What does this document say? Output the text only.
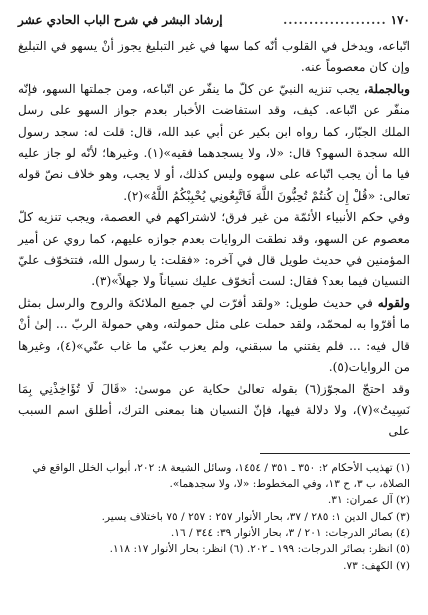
١٧٠
....................
إرشاد البشر في شرح الباب الحادي عشر

اتّباعه، ويدخل في القلوب أنّه كما سها في غير التبليغ يجوز أنْ يسهو في التبليغ وإن كان معصوماً عنه.

وبالجملة، يجب تنزيه النبيّ عن كلّ ما ينفّر عن اتّباعه، ومن جملتها السهو، فإنّه منفّر عن اتّباعه. كيف، وقد استفاضت الأخبار بعدم جواز السهو على رسل الملك الجبّار، كما رواه ابن بكير عن أبي عبد الله، قال: قلت له: سجد رسول الله سجدة السهو؟ قال: «لا، ولا يسجدهما فقيه»(١). وغيرها؛ لأنّه لو جاز عليه فيا ما أن يجب اتّباعه على سهوه وليس كذلك، أو لا يجب، وهو خلاف نصّ قوله تعالى: «قُلْ إِن كُنتُمْ تُحِبُّونَ اللَّهَ فَاتَّبِعُونِي يُحْبِبْكُمُ اللَّهُ»(٢).

وفي حكم الأنبياء الأئمّة من غير فرق؛ لاشتراكهم في العصمة، ويجب تنزيه كلّ معصوم عن السهو، وقد نطقت الروايات بعدم جوازه عليهم، كما روي عن أمير المؤمنين في حديث طويل قال في آخره: «فقلت: يا رسول الله، فتتخوّف عليّ النسيان فيما بعد؟ فقال: لست أتخوّف عليك نسياناً ولا جهلاً»(٣).

ولقوله في حديث طويل: «ولقد أفرّت لي جميع الملائكة والروح والرسل بمثل ما أقرّوا به لمحمّد، ولقد حملت على مثل حمولته، وهي حمولة الربّ ... إلىٰ أنْ قال فيه: ... فلم يفتني ما سبقني، ولم يعزب عنّي ما غاب عنّي»(٤)، وغيرها من الروايات(٥).

وقد احتجّ المجوّز(٦) بقوله تعالىٰ حكاية عن موسىٰ: «قَالَ لَا تُؤَاخِذْنِي بِمَا نَسِيتُ»(٧)، ولا دلالة فيها، فإنّ النسيان هنا بمعنى الترك، أطلق اسم السبب على

(١) تهذيب الأحكام ٢: ٣٥٠ ـ ٣٥١ / ١٤٥٤، وسائل الشيعة ٨: ٢٠٢، أبواب الخلل الواقع في الصلاة، ب ٣، ح ١٣، وفي المخطوط: «لا، ولا سجدهما».

(٢) آل عمران: ٣١.

(٣) كمال الدين ١: ٢٨٥ / ٣٧، بحار الأنوار ٢٥٧ : ٢٥٧ / ٧٥ باختلاف يسير.

(٤) بصائر الدرجات: ٢٠١ / ٣، بحار الأنوار ٣٩: ٣٤٤ / ١٦.

(٥) انظر: بصائر الدرجات: ١٩٩ ـ ٢٠٢. (٦) انظر: بحار الأنوار ١٧: ١١٨.

(٧) الكهف: ٧٣.
